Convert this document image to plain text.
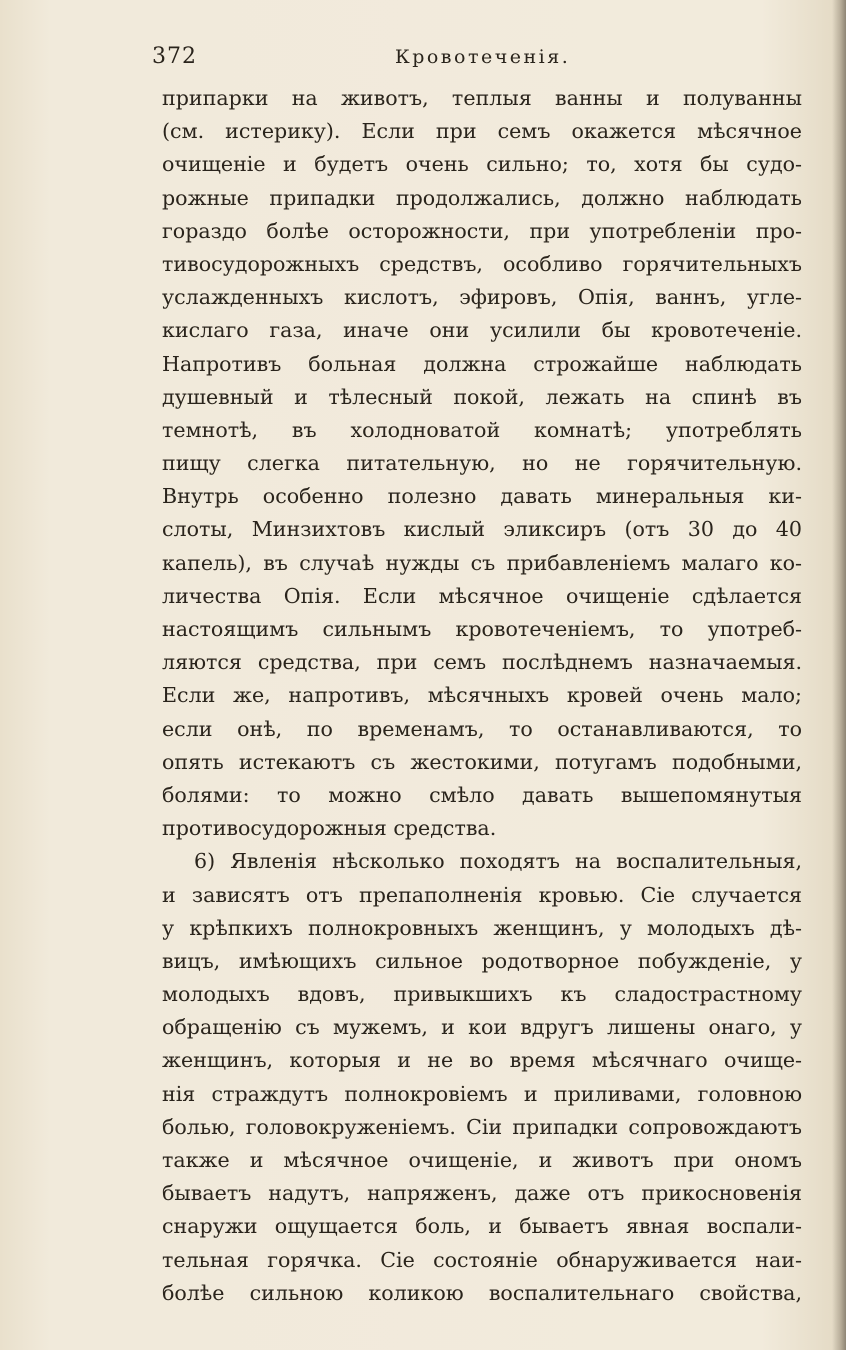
372	Кровотеченія.
припарки на животъ, теплыя ванны и полуванны
(см. истерику). Если при семъ окажется мѣсячное
очищеніе и будетъ очень сильно; то, хотя бы судо-
рожные припадки продолжались, должно наблюдать
гораздо болѣе осторожности, при употребленіи про-
тивосудорожныхъ средствъ, особливо горячительныхъ
услажденныхъ кислотъ, эфировъ, Опія, ваннъ, угле-
кислаго газа, иначе они усилили бы кровотеченіе.
Напротивъ больная должна строжайше наблюдать
душевный и тѣлесный покой, лежать на спинѣ въ
темнотѣ, въ холодноватой комнатѣ; употреблять
пищу слегка питательную, но не горячительную.
Внутрь особенно полезно давать минеральныя ки-
слоты, Минзихтовъ кислый эликсиръ (отъ 30 до 40
капель), въ случаѣ нужды съ прибавленіемъ малаго ко-
личества Опія. Если мѣсячное очищеніе сдѣлается
настоящимъ сильнымъ кровотеченіемъ, то употреб-
ляются средства, при семъ послѣднемъ назначаемыя.
Если же, напротивъ, мѣсячныхъ кровей очень мало;
если онѣ, по временамъ, то останавливаются, то
опять истекаютъ съ жестокими, потугамъ подобными,
болями: то можно смѣло давать вышепомянутыя
противосудорожныя средства.
6) Явленія нѣсколько походятъ на воспалительныя,
и зависятъ отъ препаполненія кровью. Сіе случается
у крѣпкихъ полнокровныхъ женщинъ, у молодыхъ дѣ-
вицъ, имѣющихъ сильное родотворное побужденіе, у
молодыхъ вдовъ, привыкшихъ къ сладострастному
обращенію съ мужемъ, и кои вдругъ лишены онаго, у
женщинъ, которыя и не во время мѣсячнаго очище-
нія страждутъ полнокровіемъ и приливами, головною
болью, головокруженіемъ. Сіи припадки сопровождаютъ
также и мѣсячное очищеніе, и животъ при ономъ
бываетъ надутъ, напряженъ, даже отъ прикосновенія
снаружи ощущается боль, и бываетъ явная воспали-
тельная горячка. Сіе состояніе обнаруживается наи-
болѣе сильною коликою воспалительнаго свойства,
